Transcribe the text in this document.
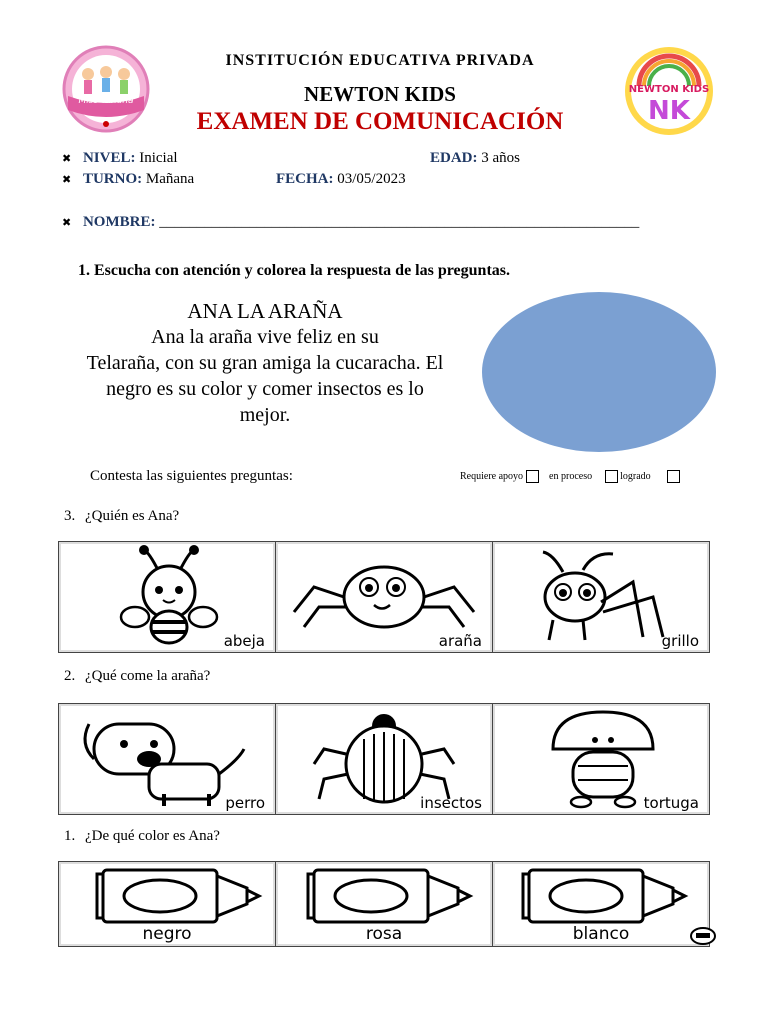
Miss Tañaña
NEWTON KIDS
NK
INSTITUCIÓN EDUCATIVA PRIVADA
NEWTON KIDS
EXAMEN DE COMUNICACIÓN
✖ NIVEL: Inicial	EDAD: 3 años
✖ TURNO: Mañana	FECHA: 03/05/2023
✖ NOMBRE: ________________________________________________________________
1. Escucha con atención y colorea la respuesta de las preguntas.
ANA LA ARAÑA
Ana la araña vive feliz en su
Telaraña, con su gran amiga la cucaracha. El
negro es su color y comer insectos es lo
mejor.
Contesta las siguientes preguntas:	Requiere apoyo	en proceso	logrado
3. ¿Quién es Ana?
abeja	araña	grillo
2. ¿Qué come la araña?
perro	insectos	tortuga
1. ¿De qué color es Ana?
negro	rosa	blanco
